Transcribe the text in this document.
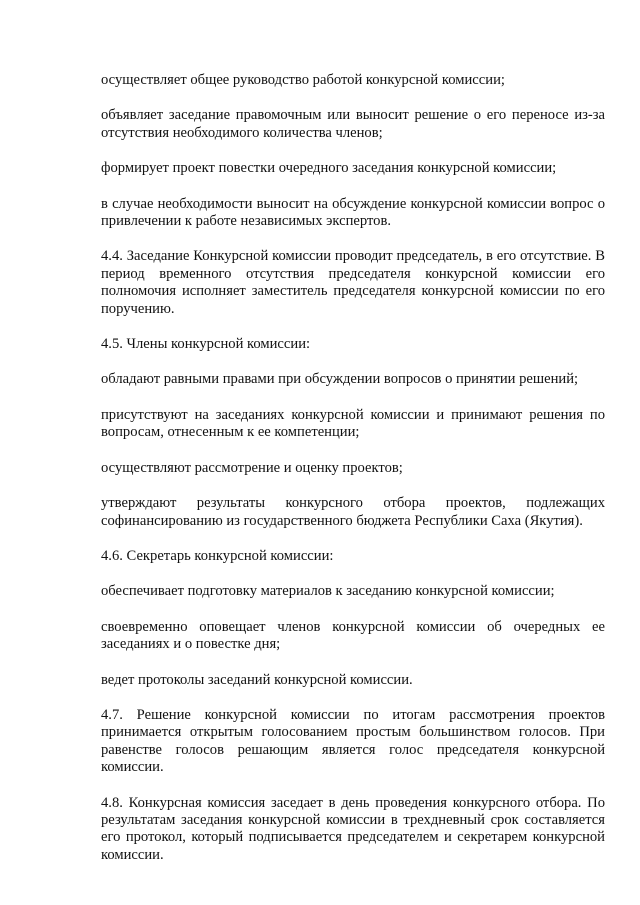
осуществляет общее руководство работой конкурсной комиссии;

объявляет заседание правомочным или выносит решение о его переносе из-за отсутствия необходимого количества членов;

формирует проект повестки очередного заседания конкурсной комиссии;

в случае необходимости выносит на обсуждение конкурсной комиссии вопрос о привлечении к работе независимых экспертов.

4.4. Заседание Конкурсной комиссии проводит председатель, в его отсутствие. В период временного отсутствия председателя конкурсной комиссии его полномочия исполняет заместитель председателя конкурсной комиссии по его поручению.

4.5. Члены конкурсной комиссии:

обладают равными правами при обсуждении вопросов о принятии решений;

присутствуют на заседаниях конкурсной комиссии и принимают решения по вопросам, отнесенным к ее компетенции;

осуществляют рассмотрение и оценку проектов;

утверждают результаты конкурсного отбора проектов, подлежащих софинансированию из государственного бюджета Республики Саха (Якутия).

4.6. Секретарь конкурсной комиссии:

обеспечивает подготовку материалов к заседанию конкурсной комиссии;

своевременно оповещает членов конкурсной комиссии об очередных ее заседаниях и о повестке дня;

ведет протоколы заседаний конкурсной комиссии.

4.7. Решение конкурсной комиссии по итогам рассмотрения проектов принимается открытым голосованием простым большинством голосов. При равенстве голосов решающим является голос председателя конкурсной комиссии.

4.8. Конкурсная комиссия заседает в день проведения конкурсного отбора. По результатам заседания конкурсной комиссии в трехдневный срок составляется его протокол, который подписывается председателем и секретарем конкурсной комиссии.
